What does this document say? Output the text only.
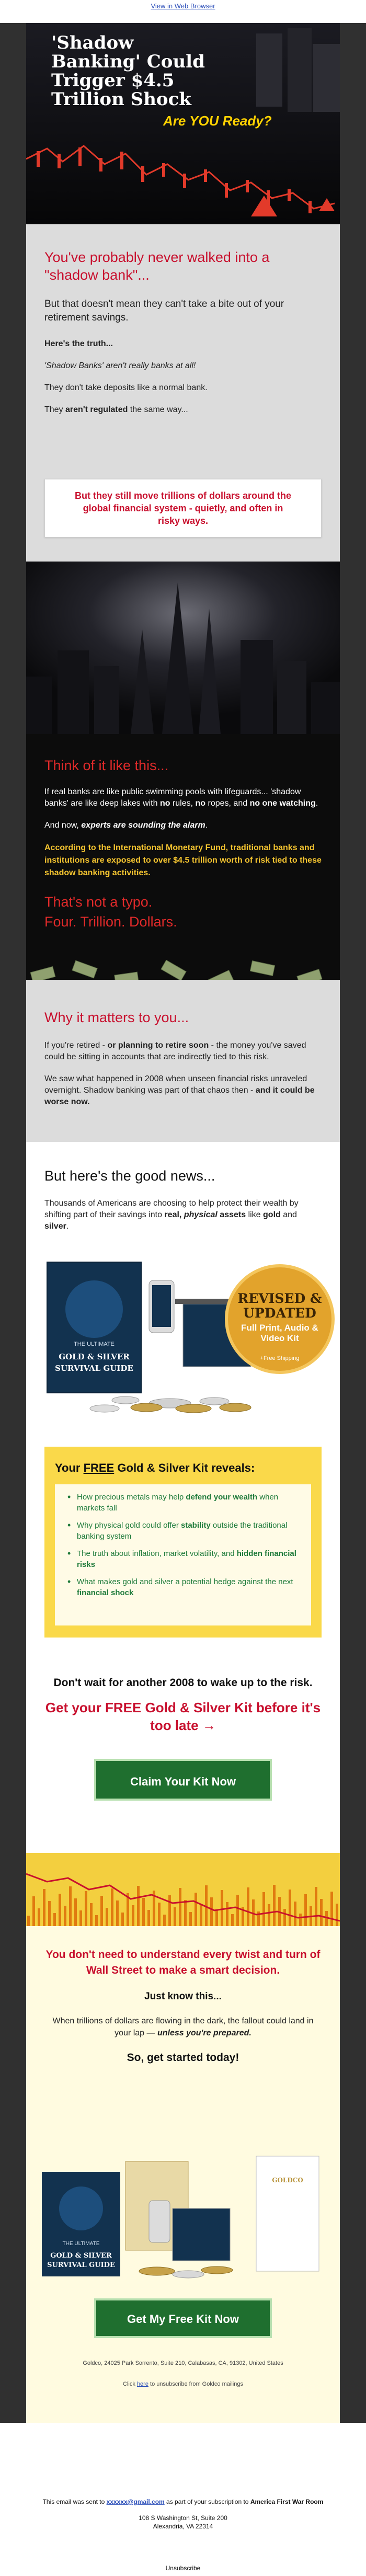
View in Web Browser
'Shadow Banking' Could Trigger $4.5 Trillion Shock
Are YOU Ready?
You've probably never walked into a "shadow bank"...

But that doesn't mean they can't take a bite out of your retirement savings.

Here's the truth...

'Shadow Banks' aren't really banks at all!

They don't take deposits like a normal bank.

They aren't regulated the same way...

But they still move trillions of dollars around the global financial system - quietly, and often in risky ways.
Think of it like this...

If real banks are like public swimming pools with lifeguards... 'shadow banks' are like deep lakes with no rules, no ropes, and no one watching.

And now, experts are sounding the alarm.

According to the International Monetary Fund, traditional banks and institutions are exposed to over $4.5 trillion worth of risk tied to these shadow banking activities.

That's not a typo.
Four. Trillion. Dollars.
Why it matters to you...

If you're retired - or planning to retire soon - the money you've saved could be sitting in accounts that are indirectly tied to this risk.

We saw what happened in 2008 when unseen financial risks unraveled overnight. Shadow banking was part of that chaos then - and it could be worse now.

But here's the good news...

Thousands of Americans are choosing to help protect their wealth by shifting part of their savings into real, physical assets like gold and silver.

THE ULTIMATE
GOLD & SILVER
SURVIVAL GUIDE
REVISED & UPDATED
Full Print, Audio & Video Kit
+Free Shipping
Your FREE Gold & Silver Kit reveals:
• How precious metals may help defend your wealth when markets fall
• Why physical gold could offer stability outside the traditional banking system
• The truth about inflation, market volatility, and hidden financial risks
• What makes gold and silver a potential hedge against the next financial shock
Don't wait for another 2008 to wake up to the risk.
Get your FREE Gold & Silver Kit before it's too late →
Claim Your Kit Now
You don't need to understand every twist and turn of Wall Street to make a smart decision.
Just know this...
When trillions of dollars are flowing in the dark, the fallout could land in your lap — unless you're prepared.
So, get started today!
THE ULTIMATE
GOLD & SILVER
SURVIVAL GUIDE
GOLDCO
Get My Free Kit Now
Goldco, 24025 Park Sorrento, Suite 210, Calabasas, CA, 91302, United States
Click here to unsubscribe from Goldco mailings
This email was sent to xxxxxx@gmail.com as part of your subscription to America First War Room
108 S Washington St, Suite 200
Alexandria, VA 22314
Unsubscribe
